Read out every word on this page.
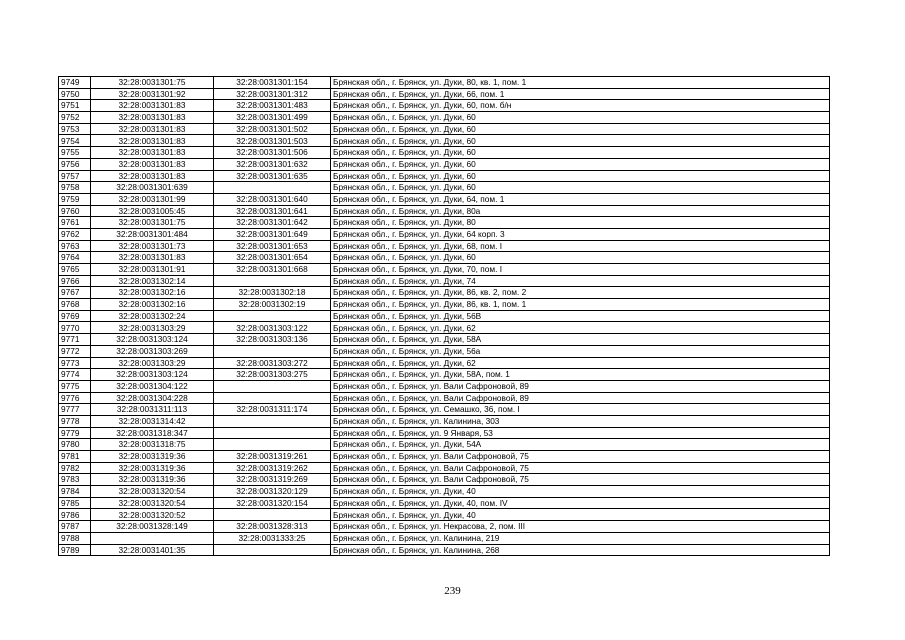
9749	32:28:0031301:75	32:28:0031301:154	Брянская обл., г. Брянск, ул. Дуки, 80, кв. 1, пом. 1
9750	32:28:0031301:92	32:28:0031301:312	Брянская обл., г. Брянск, ул. Дуки, 66, пом. 1
9751	32:28:0031301:83	32:28:0031301:483	Брянская обл., г. Брянск, ул. Дуки, 60, пом. б/н
9752	32:28:0031301:83	32:28:0031301:499	Брянская обл., г. Брянск, ул. Дуки, 60
9753	32:28:0031301:83	32:28:0031301:502	Брянская обл., г. Брянск, ул. Дуки, 60
9754	32:28:0031301:83	32:28:0031301:503	Брянская обл., г. Брянск, ул. Дуки, 60
9755	32:28:0031301:83	32:28:0031301:506	Брянская обл., г. Брянск, ул. Дуки, 60
9756	32:28:0031301:83	32:28:0031301:632	Брянская обл., г. Брянск, ул. Дуки, 60
9757	32:28:0031301:83	32:28:0031301:635	Брянская обл., г. Брянск, ул. Дуки, 60
9758	32:28:0031301:639		Брянская обл., г. Брянск, ул. Дуки, 60
9759	32:28:0031301:99	32:28:0031301:640	Брянская обл., г. Брянск, ул. Дуки, 64, пом. 1
9760	32:28:0031005:45	32:28:0031301:641	Брянская обл., г. Брянск, ул. Дуки, 80а
9761	32:28:0031301:75	32:28:0031301:642	Брянская обл., г. Брянск, ул. Дуки, 80
9762	32:28:0031301:484	32:28:0031301:649	Брянская обл., г. Брянск, ул. Дуки, 64 корп. 3
9763	32:28:0031301:73	32:28:0031301:653	Брянская обл., г. Брянск, ул. Дуки, 68, пом. I
9764	32:28:0031301:83	32:28:0031301:654	Брянская обл., г. Брянск, ул. Дуки, 60
9765	32:28:0031301:91	32:28:0031301:668	Брянская обл., г. Брянск, ул. Дуки, 70, пом. I
9766	32:28:0031302:14		Брянская обл., г. Брянск, ул. Дуки, 74
9767	32:28:0031302:16	32:28:0031302:18	Брянская обл., г. Брянск, ул. Дуки, 86, кв. 2, пом. 2
9768	32:28:0031302:16	32:28:0031302:19	Брянская обл., г. Брянск, ул. Дуки, 86, кв. 1, пом. 1
9769	32:28:0031302:24		Брянская обл., г. Брянск, ул. Дуки, 56В
9770	32:28:0031303:29	32:28:0031303:122	Брянская обл., г. Брянск, ул. Дуки, 62
9771	32:28:0031303:124	32:28:0031303:136	Брянская обл., г. Брянск, ул. Дуки, 58А
9772	32:28:0031303:269		Брянская обл., г. Брянск, ул. Дуки, 56а
9773	32:28:0031303:29	32:28:0031303:272	Брянская обл., г. Брянск, ул. Дуки, 62
9774	32:28:0031303:124	32:28:0031303:275	Брянская обл., г. Брянск, ул. Дуки, 58А, пом. 1
9775	32:28:0031304:122		Брянская обл., г. Брянск, ул. Вали Сафроновой, 89
9776	32:28:0031304:228		Брянская обл., г. Брянск, ул. Вали Сафроновой, 89
9777	32:28:0031311:113	32:28:0031311:174	Брянская обл., г. Брянск, ул. Семашко, 36, пом. I
9778	32:28:0031314:42		Брянская обл., г. Брянск, ул. Калинина, 303
9779	32:28:0031318:347		Брянская обл., г. Брянск, ул. 9 Января, 53
9780	32:28:0031318:75		Брянская обл., г. Брянск, ул. Дуки, 54А
9781	32:28:0031319:36	32:28:0031319:261	Брянская обл., г. Брянск, ул. Вали Сафроновой, 75
9782	32:28:0031319:36	32:28:0031319:262	Брянская обл., г. Брянск, ул. Вали Сафроновой, 75
9783	32:28:0031319:36	32:28:0031319:269	Брянская обл., г. Брянск, ул. Вали Сафроновой, 75
9784	32:28:0031320:54	32:28:0031320:129	Брянская обл., г. Брянск, ул. Дуки, 40
9785	32:28:0031320:54	32:28:0031320:154	Брянская обл., г. Брянск, ул. Дуки, 40, пом. IV
9786	32:28:0031320:52		Брянская обл., г. Брянск, ул. Дуки, 40
9787	32:28:0031328:149	32:28:0031328:313	Брянская обл., г. Брянск, ул. Некрасова, 2, пом. III
9788		32:28:0031333:25	Брянская обл., г. Брянск, ул. Калинина, 219
9789	32:28:0031401:35		Брянская обл., г. Брянск, ул. Калинина, 268
239
